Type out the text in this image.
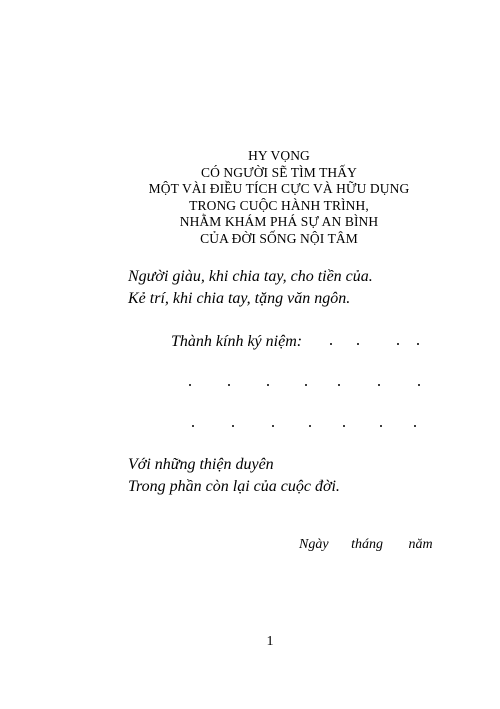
HY VỌNG
CÓ NGƯỜI SẼ TÌM THẤY
MỘT VÀI ĐIỀU TÍCH CỰC VÀ HỮU DỤNG
TRONG CUỘC HÀNH TRÌNH,
NHẰM KHÁM PHÁ SỰ AN BÌNH
CỦA ĐỜI SỐNG NỘI TÂM
Người giàu, khi chia tay, cho tiền của.
Kẻ trí, khi chia tay, tặng văn ngôn.
Thành kính ký niệm:
Với những thiện duyên
Trong phần còn lại của cuộc đời.
Ngày tháng năm
1
